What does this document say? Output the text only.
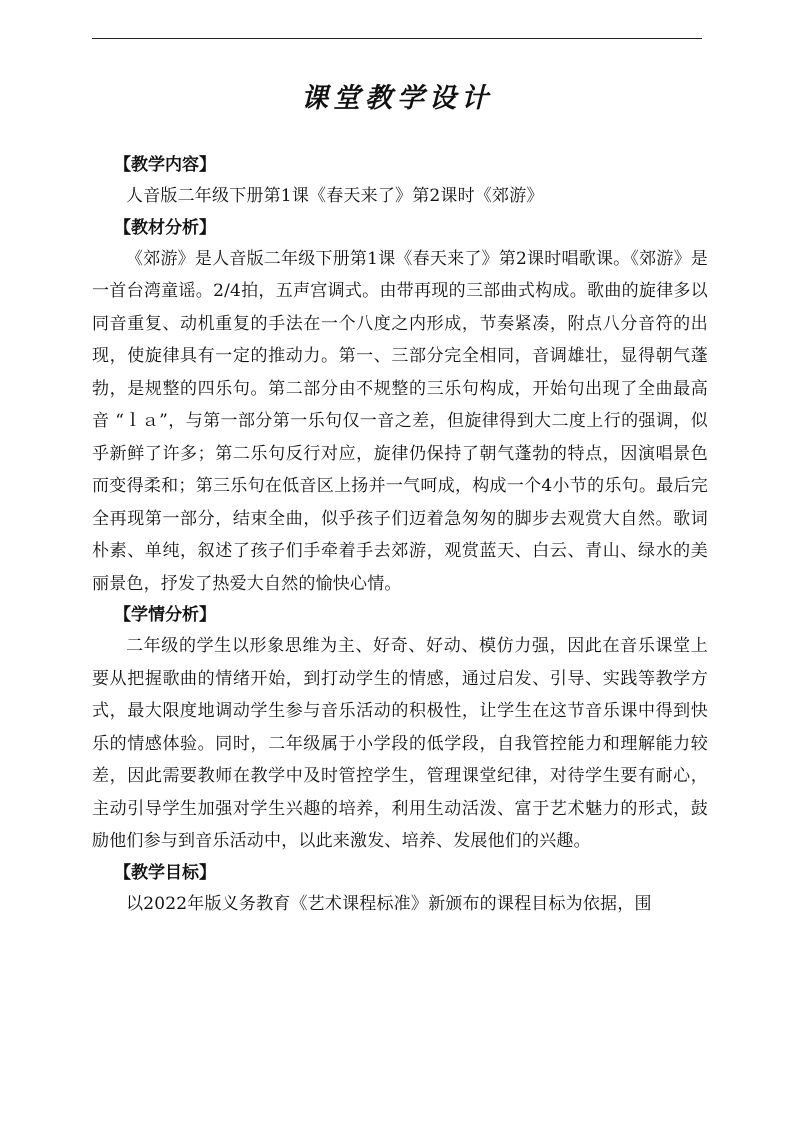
课堂教学设计

【教学内容】

人音版二年级下册第1课《春天来了》第2课时《郊游》

【教材分析】

《郊游》是人音版二年级下册第1课《春天来了》第2课时唱歌课。《郊游》是一首台湾童谣。2/4拍，五声宫调式。由带再现的三部曲式构成。歌曲的旋律多以同音重复、动机重复的手法在一个八度之内形成，节奏紧凑，附点八分音符的出现，使旋律具有一定的推动力。第一、三部分完全相同，音调雄壮，显得朝气蓬勃，是规整的四乐句。第二部分由不规整的三乐句构成，开始句出现了全曲最高音 “ｌａ”，与第一部分第一乐句仅一音之差，但旋律得到大二度上行的强调，似乎新鲜了许多；第二乐句反行对应，旋律仍保持了朝气蓬勃的特点，因演唱景色而变得柔和；第三乐句在低音区上扬并一气呵成，构成一个4小节的乐句。最后完全再现第一部分，结束全曲，似乎孩子们迈着急匆匆的脚步去观赏大自然。歌词朴素、单纯，叙述了孩子们手牵着手去郊游，观赏蓝天、白云、青山、绿水的美丽景色，抒发了热爱大自然的愉快心情。

【学情分析】

二年级的学生以形象思维为主、好奇、好动、模仿力强，因此在音乐课堂上要从把握歌曲的情绪开始，到打动学生的情感，通过启发、引导、实践等教学方式，最大限度地调动学生参与音乐活动的积极性，让学生在这节音乐课中得到快乐的情感体验。同时，二年级属于小学段的低学段，自我管控能力和理解能力较差，因此需要教师在教学中及时管控学生，管理课堂纪律，对待学生要有耐心，主动引导学生加强对学生兴趣的培养，利用生动活泼、富于艺术魅力的形式，鼓励他们参与到音乐活动中，以此来激发、培养、发展他们的兴趣。

【教学目标】

以2022年版义务教育《艺术课程标准》新颁布的课程目标为依据，围
